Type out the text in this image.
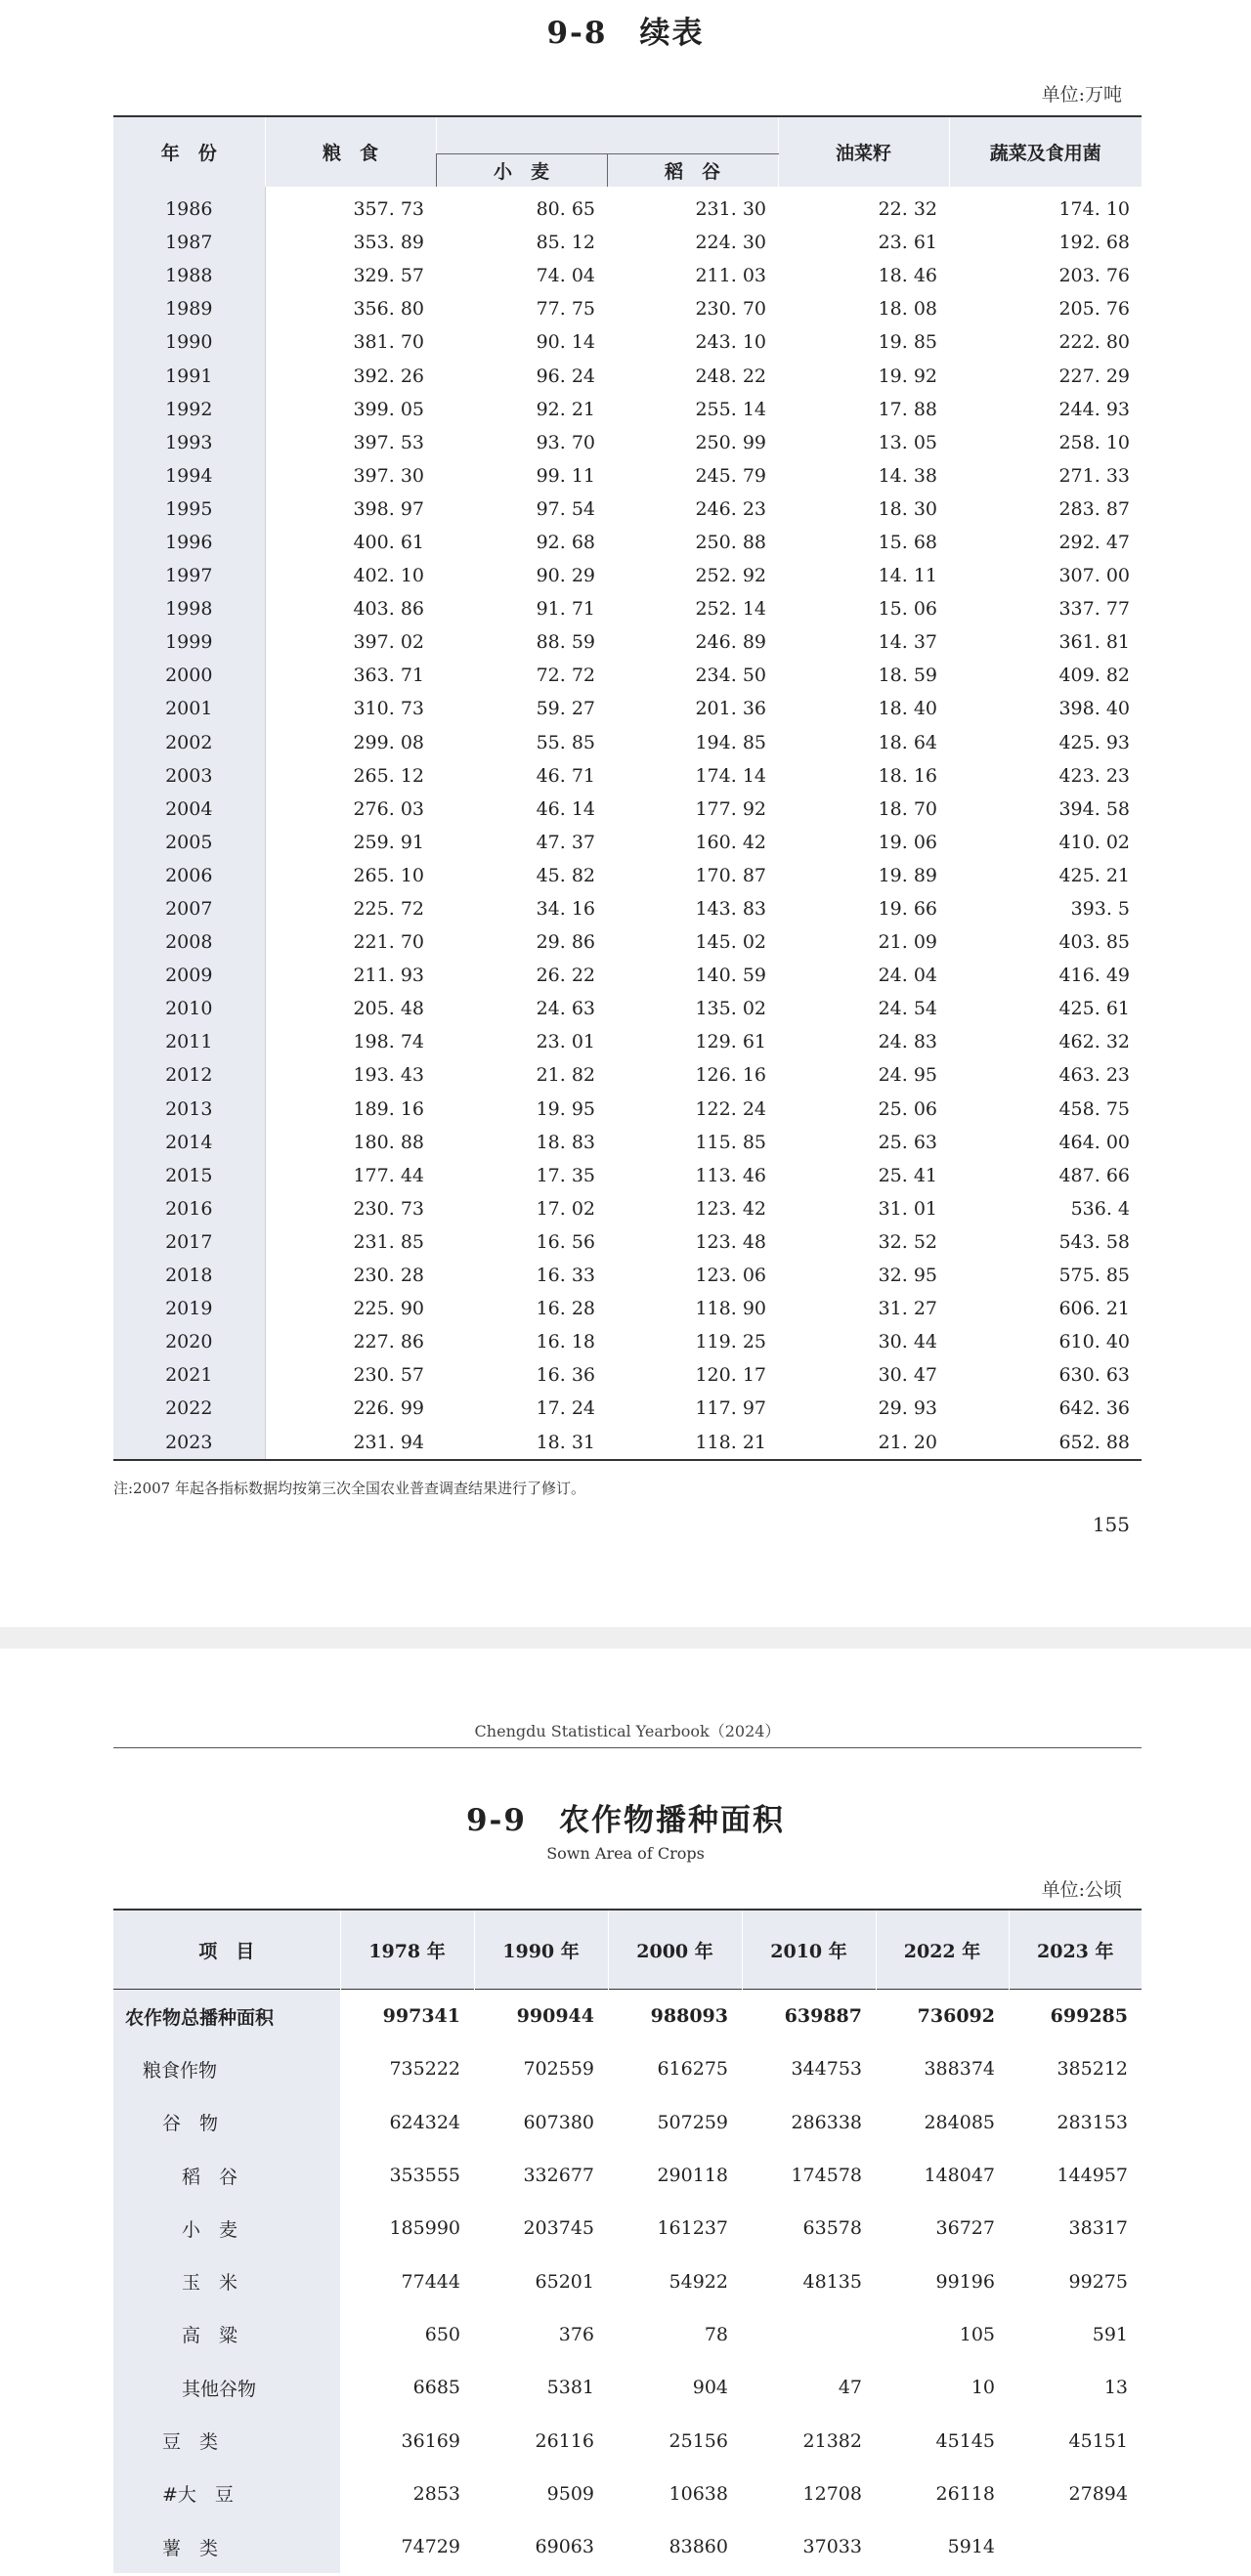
9-8　续表
单位:万吨
年　份	粮　食			油菜籽	蔬菜及食用菌
		小　麦	稻　谷		
1986	357. 73	80. 65	231. 30	22. 32	174. 10
1987	353. 89	85. 12	224. 30	23. 61	192. 68
1988	329. 57	74. 04	211. 03	18. 46	203. 76
1989	356. 80	77. 75	230. 70	18. 08	205. 76
1990	381. 70	90. 14	243. 10	19. 85	222. 80
1991	392. 26	96. 24	248. 22	19. 92	227. 29
1992	399. 05	92. 21	255. 14	17. 88	244. 93
1993	397. 53	93. 70	250. 99	13. 05	258. 10
1994	397. 30	99. 11	245. 79	14. 38	271. 33
1995	398. 97	97. 54	246. 23	18. 30	283. 87
1996	400. 61	92. 68	250. 88	15. 68	292. 47
1997	402. 10	90. 29	252. 92	14. 11	307. 00
1998	403. 86	91. 71	252. 14	15. 06	337. 77
1999	397. 02	88. 59	246. 89	14. 37	361. 81
2000	363. 71	72. 72	234. 50	18. 59	409. 82
2001	310. 73	59. 27	201. 36	18. 40	398. 40
2002	299. 08	55. 85	194. 85	18. 64	425. 93
2003	265. 12	46. 71	174. 14	18. 16	423. 23
2004	276. 03	46. 14	177. 92	18. 70	394. 58
2005	259. 91	47. 37	160. 42	19. 06	410. 02
2006	265. 10	45. 82	170. 87	19. 89	425. 21
2007	225. 72	34. 16	143. 83	19. 66	393. 5
2008	221. 70	29. 86	145. 02	21. 09	403. 85
2009	211. 93	26. 22	140. 59	24. 04	416. 49
2010	205. 48	24. 63	135. 02	24. 54	425. 61
2011	198. 74	23. 01	129. 61	24. 83	462. 32
2012	193. 43	21. 82	126. 16	24. 95	463. 23
2013	189. 16	19. 95	122. 24	25. 06	458. 75
2014	180. 88	18. 83	115. 85	25. 63	464. 00
2015	177. 44	17. 35	113. 46	25. 41	487. 66
2016	230. 73	17. 02	123. 42	31. 01	536. 4
2017	231. 85	16. 56	123. 48	32. 52	543. 58
2018	230. 28	16. 33	123. 06	32. 95	575. 85
2019	225. 90	16. 28	118. 90	31. 27	606. 21
2020	227. 86	16. 18	119. 25	30. 44	610. 40
2021	230. 57	16. 36	120. 17	30. 47	630. 63
2022	226. 99	17. 24	117. 97	29. 93	642. 36
2023	231. 94	18. 31	118. 21	21. 20	652. 88
注:2007 年起各指标数据均按第三次全国农业普查调查结果进行了修订。
155
Chengdu Statistical Yearbook（2024）
9-9　农作物播种面积
Sown Area of Crops
单位:公顷
项　目	1978 年	1990 年	2000 年	2010 年	2022 年	2023 年
农作物总播种面积	997341	990944	988093	639887	736092	699285
粮食作物	735222	702559	616275	344753	388374	385212
谷　物	624324	607380	507259	286338	284085	283153
稻　谷	353555	332677	290118	174578	148047	144957
小　麦	185990	203745	161237	63578	36727	38317
玉　米	77444	65201	54922	48135	99196	99275
高　粱	650	376	78		105	591
其他谷物	6685	5381	904	47	10	13
豆　类	36169	26116	25156	21382	45145	45151
#大　豆	2853	9509	10638	12708	26118	27894
薯　类	74729	69063	83860	37033	5914	
